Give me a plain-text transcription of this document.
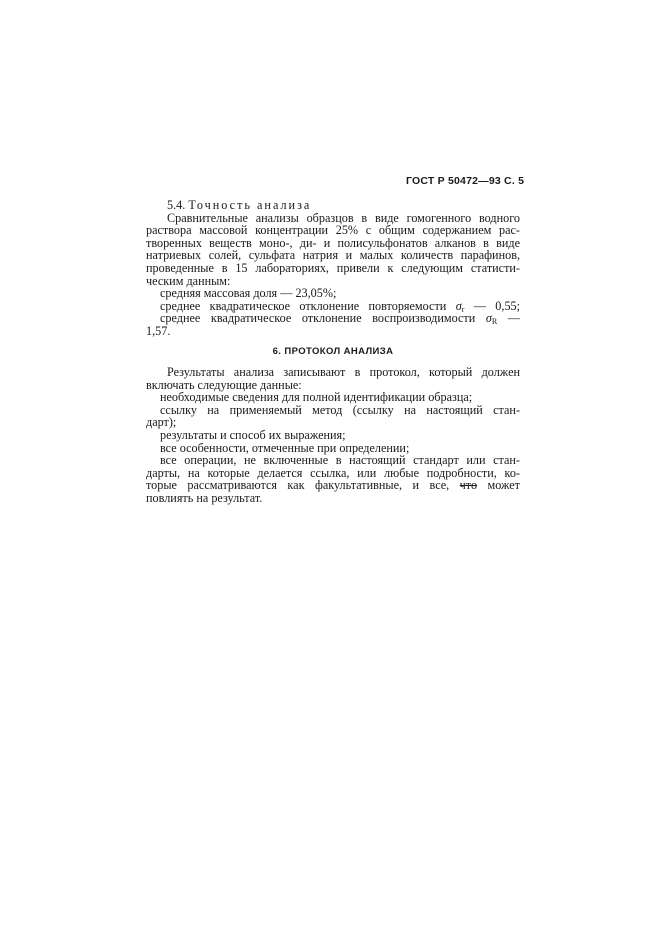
ГОСТ Р 50472—93 С. 5
5.4. Точность анализа
Сравнительные анализы образцов в виде гомогенного водного
раствора массовой концентрации 25% с общим содержанием рас-
творенных веществ моно-, ди- и полисульфонатов алканов в виде
натриевых солей, сульфата натрия и малых количеств парафинов,
проведенные в 15 лабораториях, привели к следующим статисти-
ческим данным:
средняя массовая доля — 23,05%;
среднее квадратическое отклонение повторяемости $\sigma_r$ — 0,55;
среднее квадратическое отклонение воспроизводимости $\sigma_R$ —
1,57.
6. ПРОТОКОЛ АНАЛИЗА
Результаты анализа записывают в протокол, который должен
включать следующие данные:
необходимые сведения для полной идентификации образца;
ссылку на применяемый метод (ссылку на настоящий стан-
дарт);
результаты и способ их выражения;
все особенности, отмеченные при определении;
все операции, не включенные в настоящий стандарт или стан-
дарты, на которые делается ссылка, или любые подробности, ко-
торые рассматриваются как факультативные, и все, что может
повлиять на результат.
